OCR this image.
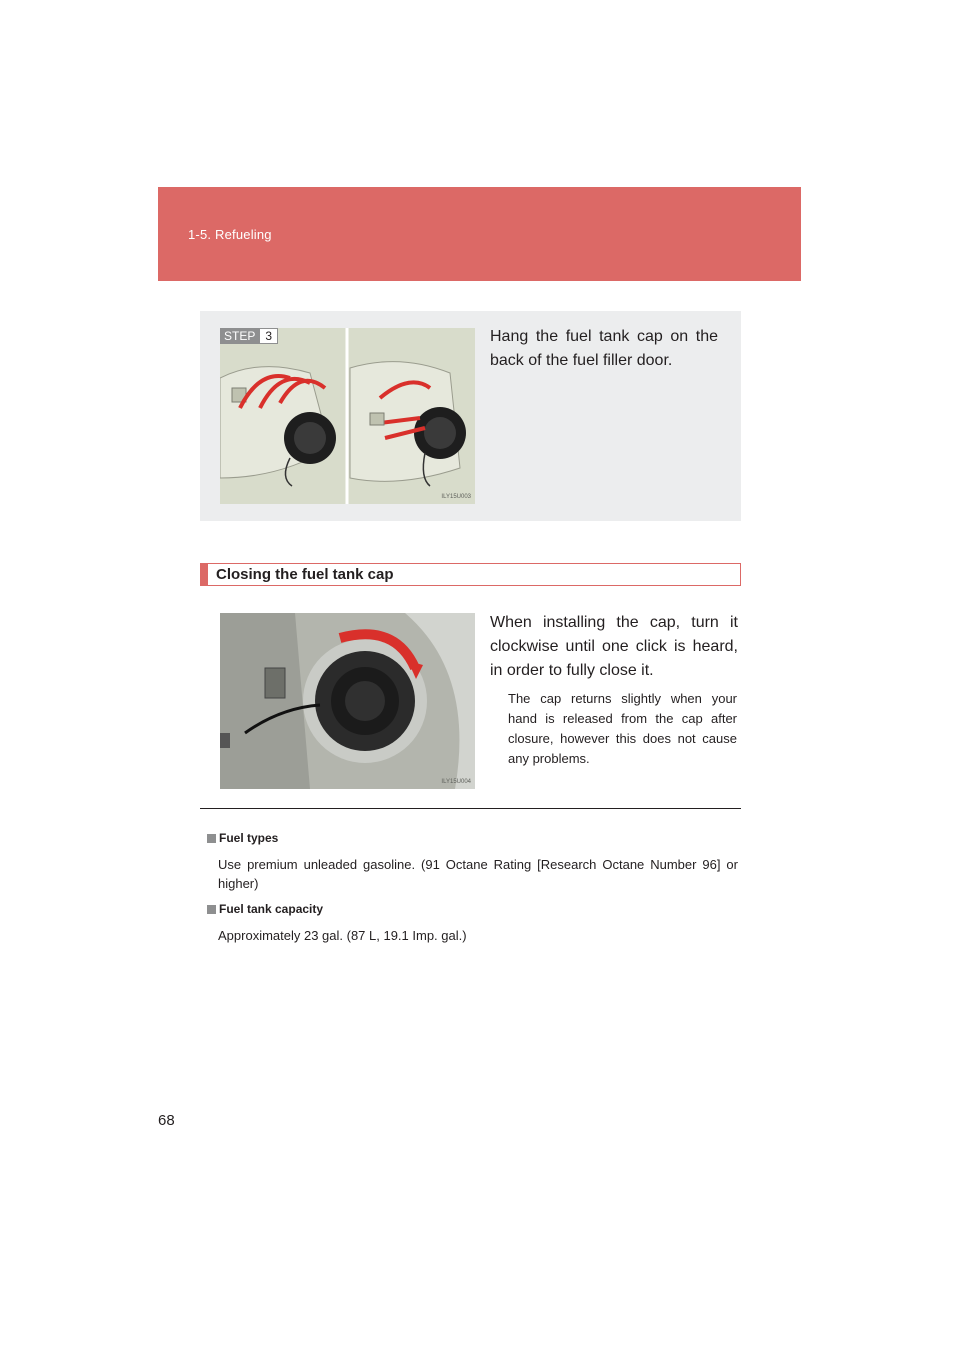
1-5. Refueling
STEP 3
ILY15U003
Hang the fuel tank cap on the back of the fuel filler door.
Closing the fuel tank cap
ILY15U004
When installing the cap, turn it clockwise until one click is heard, in order to fully close it.
The cap returns slightly when your hand is released from the cap after closure, however this does not cause any problems.
Fuel types
Use premium unleaded gasoline. (91 Octane Rating [Research Octane Number 96] or higher)
Fuel tank capacity
Approximately 23 gal. (87 L, 19.1 Imp. gal.)
68
